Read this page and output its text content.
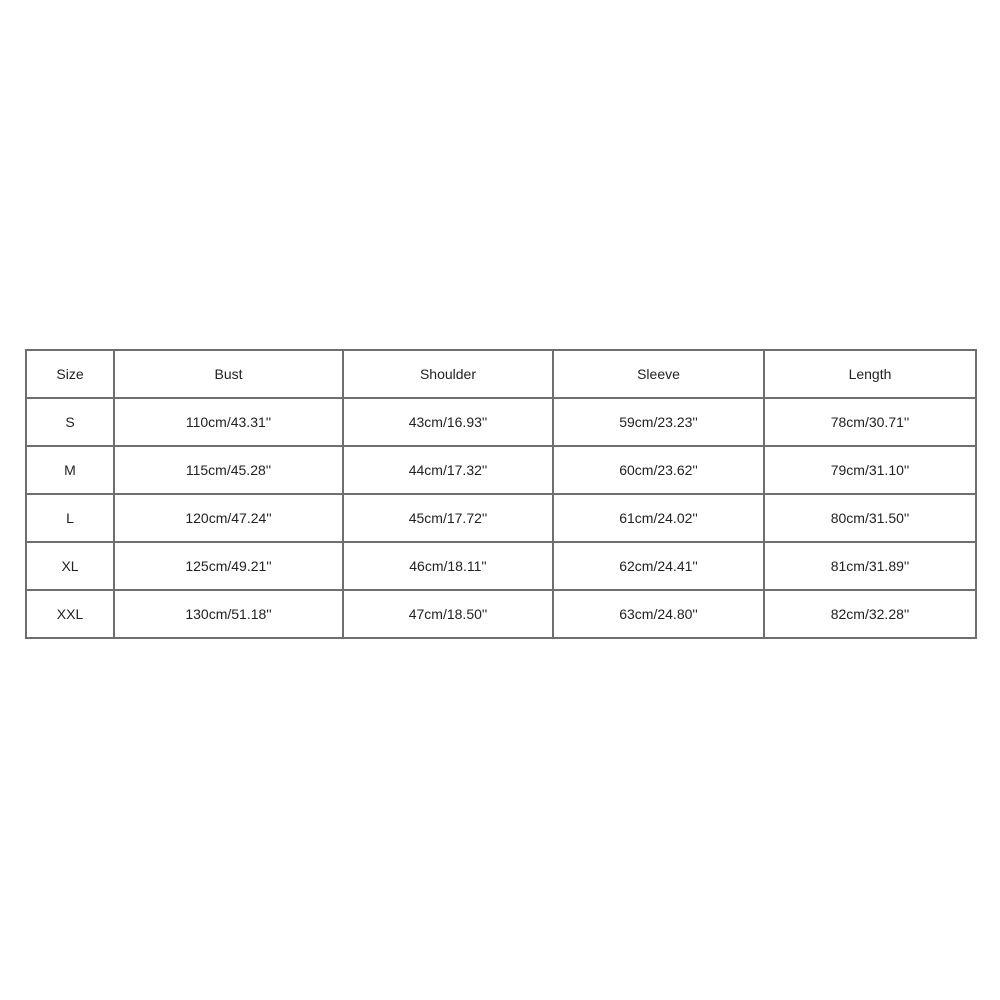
Size	Bust	Shoulder	Sleeve	Length
S	110cm/43.31''	43cm/16.93''	59cm/23.23''	78cm/30.71''
M	115cm/45.28''	44cm/17.32''	60cm/23.62''	79cm/31.10''
L	120cm/47.24''	45cm/17.72''	61cm/24.02''	80cm/31.50''
XL	125cm/49.21''	46cm/18.11''	62cm/24.41''	81cm/31.89''
XXL	130cm/51.18''	47cm/18.50''	63cm/24.80''	82cm/32.28''
